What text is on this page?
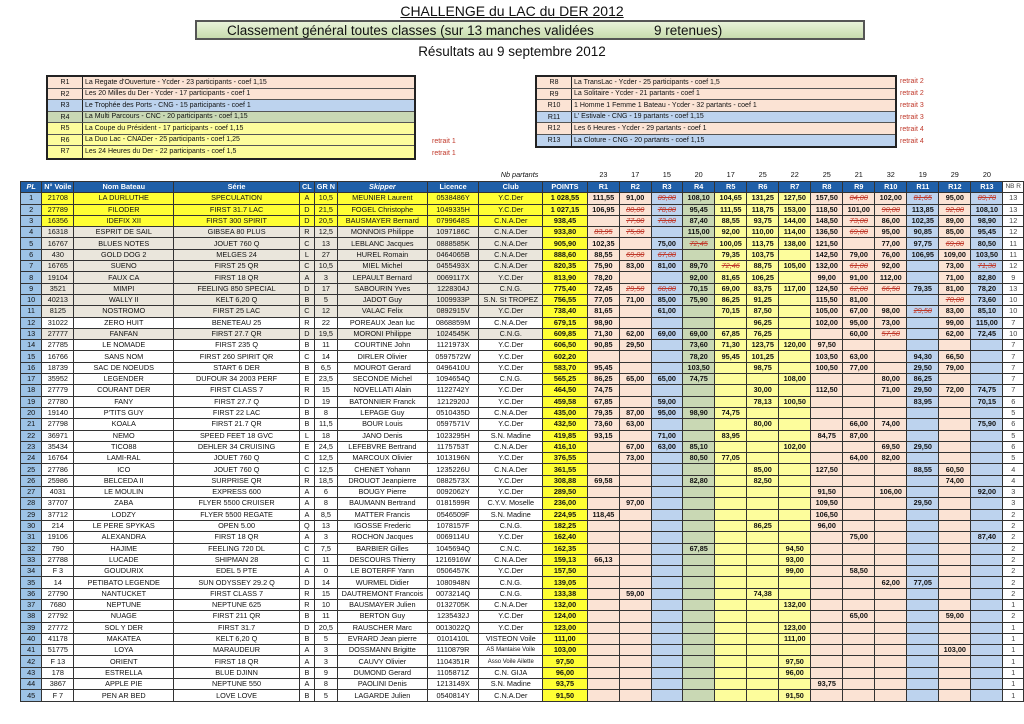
CHALLENGE du LAC du DER 2012
Classement général toutes classes (sur 13 manches validées	9 retenues)
Résultats au 9 septembre 2012
R1	La Regate d'Ouverture - Ycder - 23 participants - coef 1,15
R2	Les 20 Milles du Der - Ycder - 17 participants - coef 1
R3	Le Trophée des Ports - CNG - 15 participants - coef 1
R4	La Multi Parcours - CNC - 20 participants - coef 1,15
R5	La Coupe du Président - 17 participants - coef 1,15
R6	La Duo Lac - CNADer - 25 participants - coef 1,25
R7	Les 24 Heures du Der - 22 participants - coef 1,5
R8	La TransLac - Ycder - 25 participants - coef 1,5
R9	La Solitaire - Ycder - 21 partants - coef 1
R10	1 Homme 1 Femme 1 Bateau - Ycder - 32 partants - coef 1
R11	L' Estivale - CNG - 19 partants - coef 1,15
R12	Les 6 Heures - Ycder - 29 partants - coef 1
R13	La Cloture - CNG - 20 partants - coef 1,15
retrait 1
retrait 1
retrait 2
retrait 2
retrait 3
retrait 3
retrait 4
retrait 4
Nb partants	23	17	15	20	17	25	22	25	21	32	19	29	20
PL	N° Voile	Nom Bateau	Série	CL	GR N	Skipper	Licence	Club	POINTS	R1	R2	R3	R4	R5	R6	R7	R8	R9	R10	R11	R12	R13	NB R
1	21708	LA DURLUTHE	SPECULATION	A	10,5	MEUNIER Laurent	0538486Y	Y.C.Der	1 028,55	111,55	91,00	89,00	108,10	104,65	131,25	127,50	157,50	84,00	102,00	81,65	95,00	89,70	13
2	27789	FILODER	FIRST 31.7 LAC	D	21,5	FOGEL Christophe	1049335H	Y.C.Der	1 027,15	106,95	80,00	78,00	95,45	111,55	118,75	153,00	118,50	101,00	90,00	113,85	92,00	108,10	13
3	16356	IDEFIX XII	FIRST 300 SPIRIT	D	20,5	BAUSMAYER Bernard	0799648S	C.N.A.Der	938,45		77,00	73,00	87,40	88,55	93,75	144,00	148,50	73,00	86,00	102,35	89,00	98,90	12
4	16318	ESPRIT DE SAIL	GIBSEA 80 PLUS	R	12,5	MONNOIS Philippe	1097186C	C.N.A.Der	933,80	83,95	75,00		115,00	92,00	110,00	114,00	136,50	69,00	95,00	90,85	85,00	95,45	12
5	16767	BLUES NOTES	JOUET 760 Q	C	13	LEBLANC Jacques	0888585K	C.N.A.Der	905,90	102,35		75,00	72,45	100,05	113,75	138,00	121,50		77,00	97,75	69,00	80,50	11
6	430	GOLD DOG 2	MELGES 24	L	27	HUREL Romain	0464065B	C.N.A.Der	888,60	88,55	69,00	67,00		79,35	103,75		142,50	79,00	76,00	106,95	109,00	103,50	11
7	16765	SUENO	FIRST 25 QR	C	10,5	MIEL Michel	0455493X	C.N.A.Der	820,35	75,90	83,00	81,00	89,70	72,46	88,75	105,00	132,00	61,00	92,00		73,00	71,30	12
8	19104	FAUX CA	FIRST 18 QR	A	3	LEPAULT Bernard	0069117X	Y.C.Der	813,90	78,20			92,00	81,65	106,25		99,00	91,00	112,00		71,00	82,80	9
9	3521	MIMPI	FEELING 850 SPECIAL	D	17	SABOURIN Yves	1228304J	C.N.G.	775,40	72,45	29,50	60,00	70,15	69,00	83,75	117,00	124,50	62,00	66,50	79,35	81,00	78,20	13
10	40213	WALLY II	KELT 6,20 Q	B	5	JADOT Guy	1009933P	S.N. St TROPEZ	756,55	77,05	71,00	85,00	75,90	86,25	91,25		115,50	81,00			70,00	73,60	10
11	8125	NOSTROMO	FIRST 25 LAC	C	12	VALAC Felix	0892915V	Y.C.Der	738,40	81,65		61,00		70,15	87,50		105,00	67,00	98,00	29,50	83,00	85,10	10
12	31022	ZERO HUIT	BENETEAU 25	R	22	POREAUX Jean luc	0868859M	C.N.A.Der	679,15	98,90					96,25		102,00	95,00	73,00		99,00	115,00	7
13	27777	FANFAN	FIRST 27.7 QR	D	19,5	MORONI Philippe	1024545K	C.N.G.	609,85	71,30	62,00	69,00	69,00	67,85	76,25			60,00	57,50		62,00	72,45	10
14	27785	LE NOMADE	FIRST 235 Q	B	11	COURTINE John	1121973X	Y.C.Der	606,50	90,85	29,50		73,60	71,30	123,75	120,00	97,50						7
15	16766	SANS NOM	FIRST 260 SPIRIT QR	C	14	DIRLER Olivier	0597572W	Y.C.Der	602,20				78,20	95,45	101,25		103,50	63,00		94,30	66,50		7
16	18739	SAC DE NOEUDS	START 6 DER	B	6,5	MOUROT Gerard	0496410U	Y.C.Der	583,70	95,45			103,50		98,75		100,50	77,00		29,50	79,00		7
17	35952	LEGENDER	DUFOUR 34 2003 PERF	E	23,5	SECONDE Michel	1094654Q	C.N.G.	565,25	86,25	65,00	65,00	74,75			108,00			80,00	86,25			7
18	27779	COURANT DER	FIRST CLASS 7	R	15	NOVELLATI Alain	1122742Y	Y.C.Der	464,50	74,75					30,00		112,50		71,00	29,50	72,00	74,75	7
19	27780	FANY	FIRST 27.7 Q	D	19	BATONNIER Franck	1212920J	Y.C.Der	459,58	67,85		59,00			78,13	100,50				83,95		70,15	6
20	19140	P'TITS GUY	FIRST 22 LAC	B	8	LEPAGE Guy	0510435D	C.N.A.Der	435,00	79,35	87,00	95,00	98,90	74,75									5
21	27798	KOALA	FIRST 21.7 QR	B	11,5	BOUR Louis	0597571V	Y.C.Der	432,50	73,60	63,00				80,00			66,00	74,00			75,90	6
22	36971	NEMO	SPEED FEET 18 GVC	L	18	JANO Denis	1023295H	S.N. Madine	419,85	93,15		71,00		83,95			84,75	87,00					5
23	35434	TICO88	DEHLER 34 CRUISING	E	24,5	LEFEBVRE Bertrand	1175753T	C.N.A.Der	416,10		67,00	63,00	85,10			102,00			69,50	29,50			6
24	16764	LAMI-RAL	JOUET 760 Q	C	12,5	MARCOUX Olivier	1013196N	Y.C.Der	376,55		73,00		80,50	77,05				64,00	82,00				5
25	27786	ICO	JOUET 760 Q	C	12,5	CHENET Yohann	1235226U	C.N.A.Der	361,55						85,00		127,50			88,55	60,50		4
26	25986	BELCEDA II	SURPRISE QR	R	18,5	DROUOT Jeanpierre	0882573X	Y.C.Der	308,88	69,58			82,80		82,50						74,00		4
27	4031	LE MOULIN	EXPRESS 600	A	6	BOUGY Pierre	0092062Y	Y.C.Der	289,50								91,50		106,00			92,00	3
28	37707	ZABA	FLYER 5500 CRUISER	A	8	BAUMANN Bertrand	0181599R	C.Y.V. Moselle	236,00		97,00						109,50			29,50			3
29	37712	LODZY	FLYER 5500 REGATE	A	8,5	MATTER Francis	0546509F	S.N. Madine	224,95	118,45							106,50						2
30	214	LE PERE SPYKAS	OPEN 5.00	Q	13	IGOSSE Frederic	1078157F	C.N.G.	182,25						86,25		96,00						2
31	19106	ALEXANDRA	FIRST 18 QR	A	3	ROCHON Jacques	0069114U	Y.C.Der	162,40									75,00				87,40	2
32	790	HAJIME	FEELING 720 DL	C	7,5	BARBIER Gilles	1045694Q	C.N.C.	162,35				67,85			94,50							2
33	27788	LUCADE	SHIPMAN 28	C	11	DESCOURS Thierry	1216916W	C.N.A.Der	159,13	66,13						93,00							2
34	F 3	GOUDURIX	EDEL 5 PTE	A	0	LE BOTERFF Yann	0506457K	Y.C.Der	157,50							99,00		58,50					2
35	14	PETIBATO LEGENDE	SUN ODYSSEY 29.2 Q	D	14	WURMEL Didier	1080948N	C.N.G.	139,05										62,00	77,05			2
36	27790	NANTUCKET	FIRST CLASS 7	R	15	DAUTREMONT Francois	0073214Q	C.N.G.	133,38		59,00				74,38								2
37	7680	NEPTUNE	NEPTUNE 625	R	10	BAUSMAYER Julien	0132705K	C.N.A.Der	132,00							132,00							1
38	27792	NUAGE	FIRST 211 QR	B	11	BERTON Guy	1235432J	Y.C.Der	124,00									65,00			59,00		2
39	27772	SOL Y DER	FIRST 31.7	D	20,5	RAUSCHER Marc	0013022Q	Y.C.Der	123,00							123,00							1
40	41178	MAKATEA	KELT 6,20 Q	B	5	EVRARD Jean pierre	0101410L	VISTEON Voile	111,00							111,00							1
41	51775	LOYA	MARAUDEUR	A	3	DOSSMANN Brigitte	1110879R	AS Mantaise Voile	103,00												103,00		1
42	F 13	ORIENT	FIRST 18 QR	A	3	CAUVY Olivier	1104351R	Asso Voile Ailette	97,50							97,50							1
43	178	ESTRELLA	BLUE DJINN	B	9	DUMOND Gerard	1105871Z	C.N. GIJA	96,00							96,00							1
44	3867	APPLE PIE	NEPTUNE 550	A	8	PAOLINI Denis	1213149X	S.N. Madine	93,75								93,75						1
45	F 7	PEN AR BED	LOVE LOVE	B	5	LAGARDE Julien	0540814Y	C.N.A.Der	91,50							91,50							1
